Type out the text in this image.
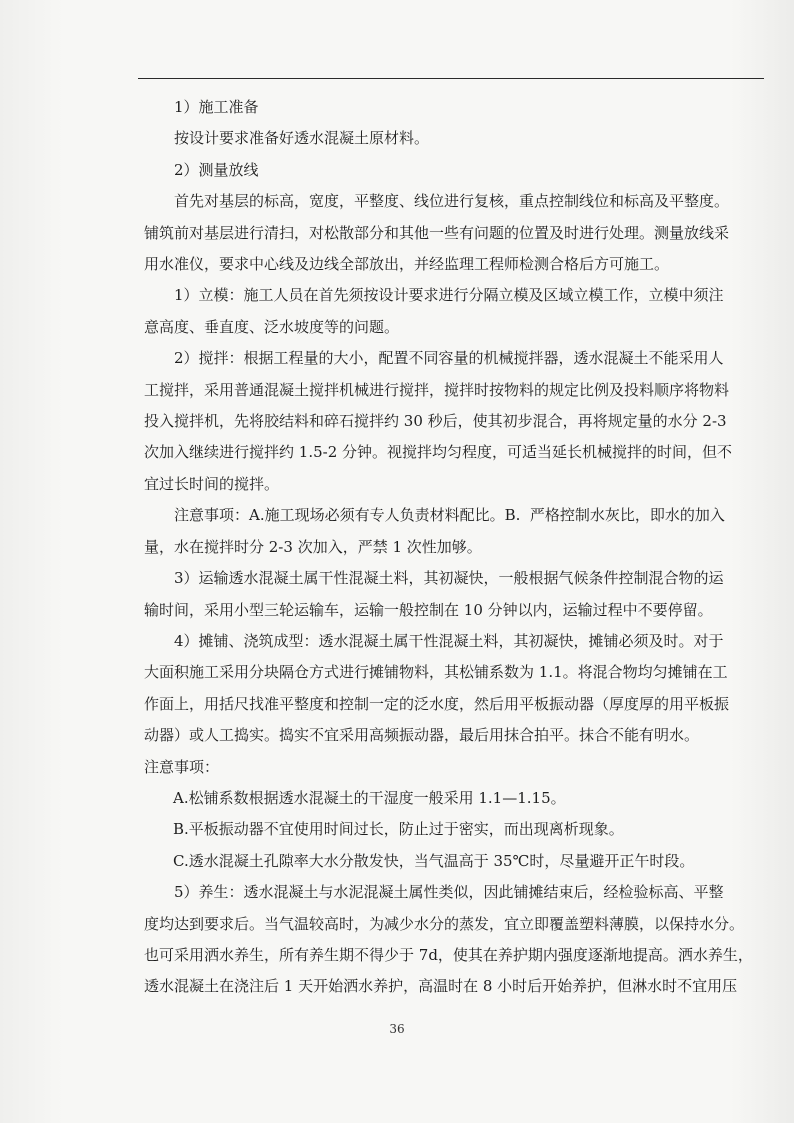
1）施工准备

按设计要求准备好透水混凝土原材料。

2）测量放线

首先对基层的标高，宽度，平整度、线位进行复核，重点控制线位和标高及平整度。

铺筑前对基层进行清扫，对松散部分和其他一些有问题的位置及时进行处理。测量放线采

用水准仪，要求中心线及边线全部放出，并经监理工程师检测合格后方可施工。

1）立模：施工人员在首先须按设计要求进行分隔立模及区域立模工作，立模中须注

意高度、垂直度、泛水坡度等的问题。

2）搅拌：根据工程量的大小，配置不同容量的机械搅拌器，透水混凝土不能采用人

工搅拌，采用普通混凝土搅拌机械进行搅拌，搅拌时按物料的规定比例及投料顺序将物料

投入搅拌机，先将胶结料和碎石搅拌约 30 秒后，使其初步混合，再将规定量的水分 2-3

次加入继续进行搅拌约 1.5-2 分钟。视搅拌均匀程度，可适当延长机械搅拌的时间，但不

宜过长时间的搅拌。

注意事项：A.施工现场必须有专人负责材料配比。B.  严格控制水灰比，即水的加入

量，水在搅拌时分 2-3 次加入，严禁 1 次性加够。

3）运输透水混凝土属干性混凝土料，其初凝快，一般根据气候条件控制混合物的运

输时间，采用小型三轮运输车，运输一般控制在 10 分钟以内，运输过程中不要停留。

4）摊铺、浇筑成型：透水混凝土属干性混凝土料，其初凝快，摊铺必须及时。对于

大面积施工采用分块隔仓方式进行摊铺物料，其松铺系数为 1.1。将混合物均匀摊铺在工

作面上，用括尺找准平整度和控制一定的泛水度，然后用平板振动器（厚度厚的用平板振

动器）或人工捣实。捣实不宜采用高频振动器，最后用抹合拍平。抹合不能有明水。

注意事项：

A.松铺系数根据透水混凝土的干湿度一般采用 1.1—1.15。

B.平板振动器不宜使用时间过长，防止过于密实，而出现离析现象。

C.透水混凝土孔隙率大水分散发快，当气温高于 35℃时，尽量避开正午时段。

5）养生：透水混凝土与水泥混凝土属性类似，因此铺摊结束后，经检验标高、平整

度均达到要求后。当气温较高时，为减少水分的蒸发，宜立即覆盖塑料薄膜，以保持水分。

也可采用洒水养生，所有养生期不得少于 7d，使其在养护期内强度逐渐地提高。洒水养生，

透水混凝土在浇注后 1 天开始洒水养护，高温时在 8 小时后开始养护，但淋水时不宜用压

36
